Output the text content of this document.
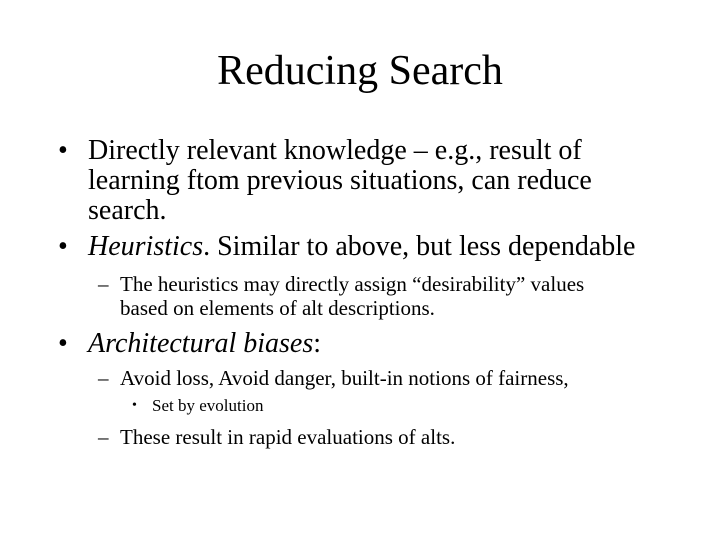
Reducing Search
• Directly relevant knowledge – e.g., result of
learning ftom previous situations, can reduce
search.
• Heuristics. Similar to above, but less dependable
– The heuristics may directly assign “desirability” values
based on elements of alt descriptions.
• Architectural biases:
– Avoid loss, Avoid danger, built-in notions of fairness,
• Set by evolution
– These result in rapid evaluations of alts.
